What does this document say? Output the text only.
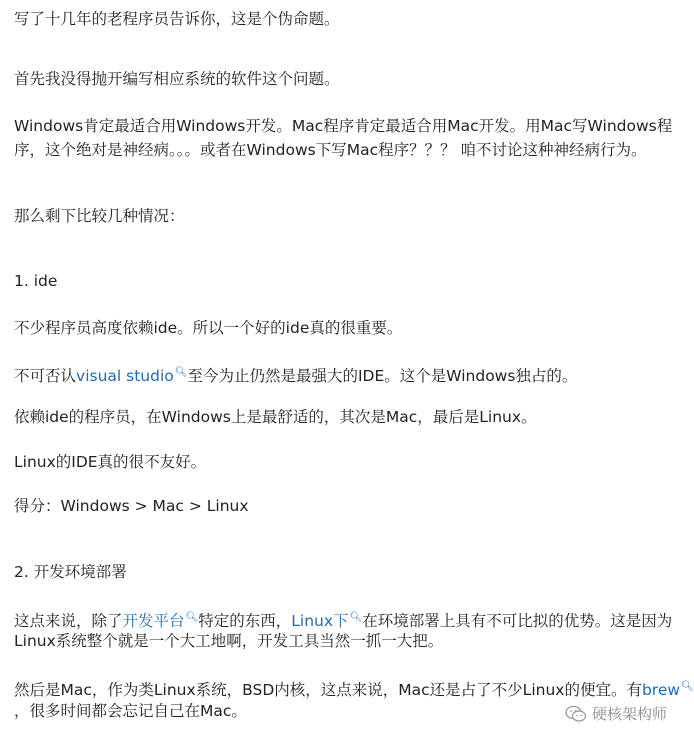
写了十几年的老程序员告诉你，这是个伪命题。
首先我没得抛开编写相应系统的软件这个问题。
Windows肯定最适合用Windows开发。Mac程序肯定最适合用Mac开发。用Mac写Windows程
序，这个绝对是神经病。。。或者在Windows下写Mac程序？？？ 咱不讨论这种神经病行为。
那么剩下比较几种情况：
1. ide
不少程序员高度依赖ide。所以一个好的ide真的很重要。
不可否认visual studio🔍︎至今为止仍然是最强大的IDE。这个是Windows独占的。
依赖ide的程序员，在Windows上是最舒适的，其次是Mac，最后是Linux。
Linux的IDE真的很不友好。
得分：Windows > Mac > Linux
2. 开发环境部署
这点来说，除了开发平台🔍︎特定的东西，Linux下🔍︎在环境部署上具有不可比拟的优势。这是因为
Linux系统整个就是一个大工地啊，开发工具当然一抓一大把。
然后是Mac，作为类Linux系统，BSD内核，这点来说，Mac还是占了不少Linux的便宜。有brew🔍︎
，很多时间都会忘记自己在Mac。	硬核架构师
